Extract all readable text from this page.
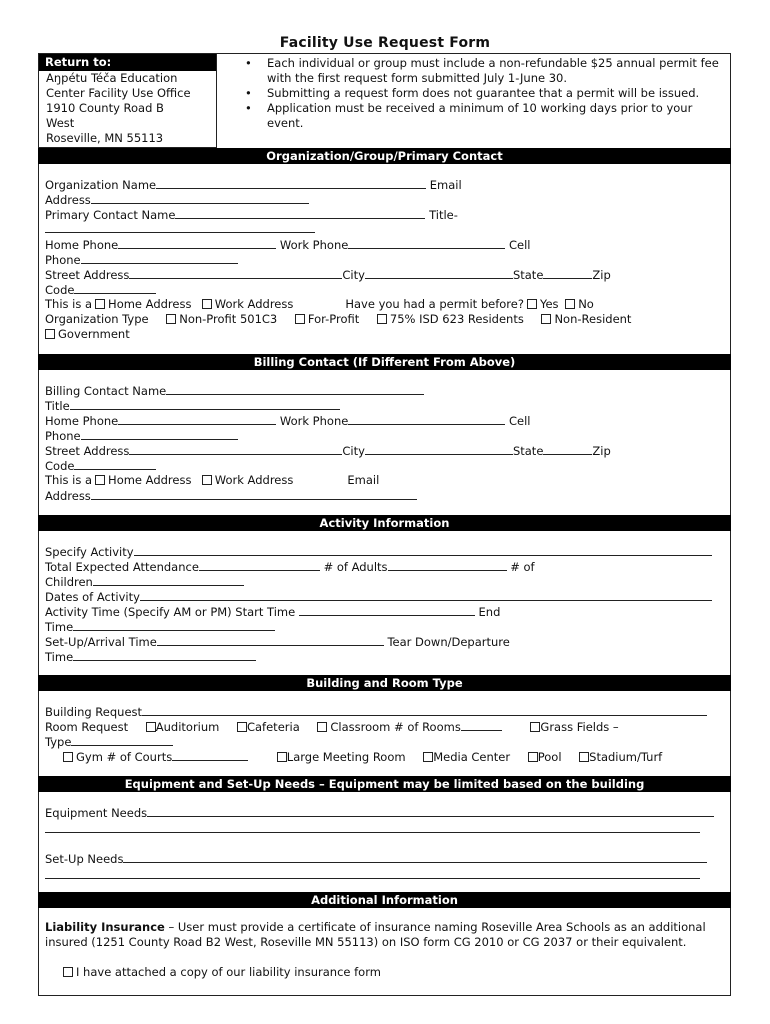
Facility Use Request Form
Return to:
Aŋpétu Téča Education
Center Facility Use Office
1910 County Road B
West
Roseville, MN 55113
• Each individual or group must include a non-refundable $25 annual permit fee with the first request form submitted July 1-June 30.
• Submitting a request form does not guarantee that a permit will be issued.
• Application must be received a minimum of 10 working days prior to your event.
Organization/Group/Primary Contact
Organization Name	Email
Address
Primary Contact Name	Title-
Home Phone	Work Phone	Cell
Phone
Street Address	City	State	Zip
Code
This is a Home Address Work Address	Have you had a permit before? Yes No
Organization Type	Non-Profit 501C3	For-Profit	75% ISD 623 Residents	Non-Resident
Government
Billing Contact (If Different From Above)
Billing Contact Name
Title
Home Phone	Work Phone	Cell
Phone
Street Address	City	State	Zip
Code
This is a Home Address Work Address	Email
Address
Activity Information
Specify Activity
Total Expected Attendance	# of Adults	# of
Children
Dates of Activity
Activity Time (Specify AM or PM) Start Time	End
Time
Set-Up/Arrival Time	Tear Down/Departure
Time
Building and Room Type
Building Request
Room Request Auditorium Cafeteria	Classroom # of Rooms	Grass Fields –
Type
Gym # of Courts	Large Meeting Room Media Center Pool Stadium/Turf
Equipment and Set-Up Needs – Equipment may be limited based on the building
Equipment Needs
Set-Up Needs
Additional Information
Liability Insurance – User must provide a certificate of insurance naming Roseville Area Schools as an additional insured (1251 County Road B2 West, Roseville MN 55113) on ISO form CG 2010 or CG 2037 or their equivalent.
I have attached a copy of our liability insurance form
